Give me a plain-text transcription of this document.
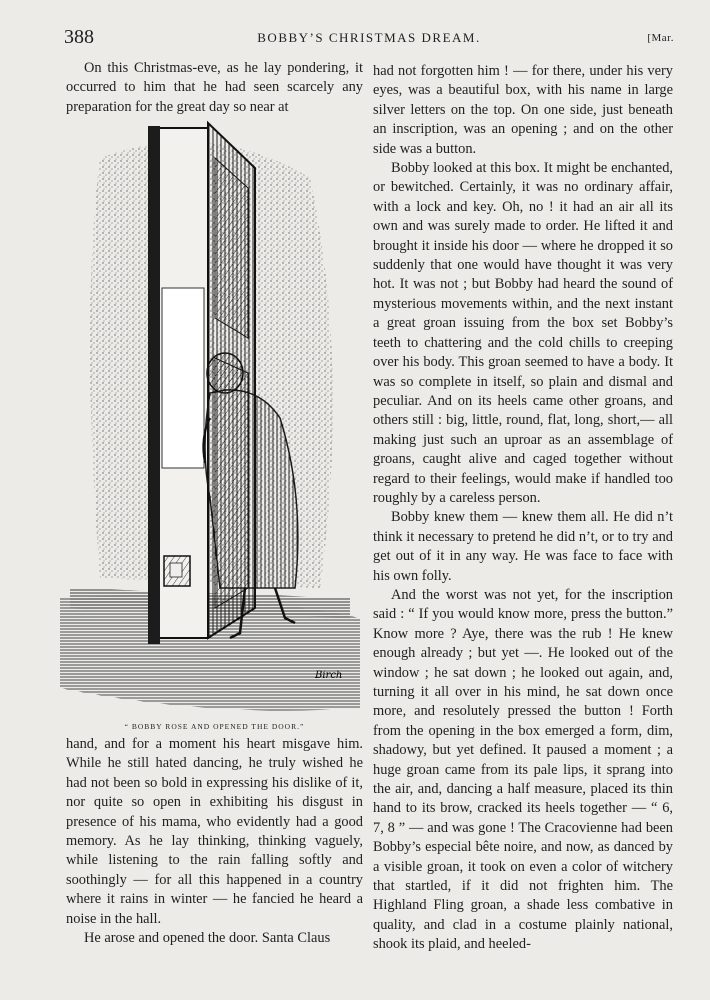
388	BOBBY’S CHRISTMAS DREAM.	[Mar.

On this Christmas-eve, as he lay pondering, it occurred to him that he had seen scarcely any preparation for the great day so near at

Birch
“ BOBBY ROSE AND OPENED THE DOOR.”

hand, and for a moment his heart misgave him. While he still hated dancing, he truly wished he had not been so bold in expressing his dislike of it, nor quite so open in exhibiting his disgust in presence of his mama, who evidently had a good memory. As he lay thinking, thinking vaguely, while listening to the rain falling softly and soothingly — for all this happened in a country where it rains in winter — he fancied he heard a noise in the hall.

He arose and opened the door. Santa Claus

had not forgotten him ! — for there, under his very eyes, was a beautiful box, with his name in large silver letters on the top. On one side, just beneath an inscription, was an opening ; and on the other side was a button.

Bobby looked at this box. It might be enchanted, or bewitched. Certainly, it was no ordinary affair, with a lock and key. Oh, no ! it had an air all its own and was surely made to order. He lifted it and brought it inside his door — where he dropped it so suddenly that one would have thought it was very hot. It was not ; but Bobby had heard the sound of mysterious movements within, and the next instant a great groan issuing from the box set Bobby’s teeth to chattering and the cold chills to creeping over his body. This groan seemed to have a body. It was so complete in itself, so plain and dismal and peculiar. And on its heels came other groans, and others still : big, little, round, flat, long, short,— all making just such an uproar as an assemblage of groans, caught alive and caged together without regard to their feelings, would make if handled too roughly by a careless person.

Bobby knew them — knew them all. He did n’t think it necessary to pretend he did n’t, or to try and get out of it in any way. He was face to face with his own folly.

And the worst was not yet, for the inscription said : “ If you would know more, press the button.” Know more ? Aye, there was the rub ! He knew enough already ; but yet —. He looked out of the window ; he sat down ; he looked out again, and, turning it all over in his mind, he sat down once more, and resolutely pressed the button ! Forth from the opening in the box emerged a form, dim, shadowy, but yet defined. It paused a moment ; a huge groan came from its pale lips, it sprang into the air, and, dancing a half measure, placed its thin hand to its brow, cracked its heels together — “ 6, 7, 8 ” — and was gone ! The Cracovienne had been Bobby’s especial bête noire, and now, as danced by a visible groan, it took on even a color of witchery that startled, if it did not frighten him. The Highland Fling groan, a shade less combative in quality, and clad in a costume plainly national, shook its plaid, and heeled-
